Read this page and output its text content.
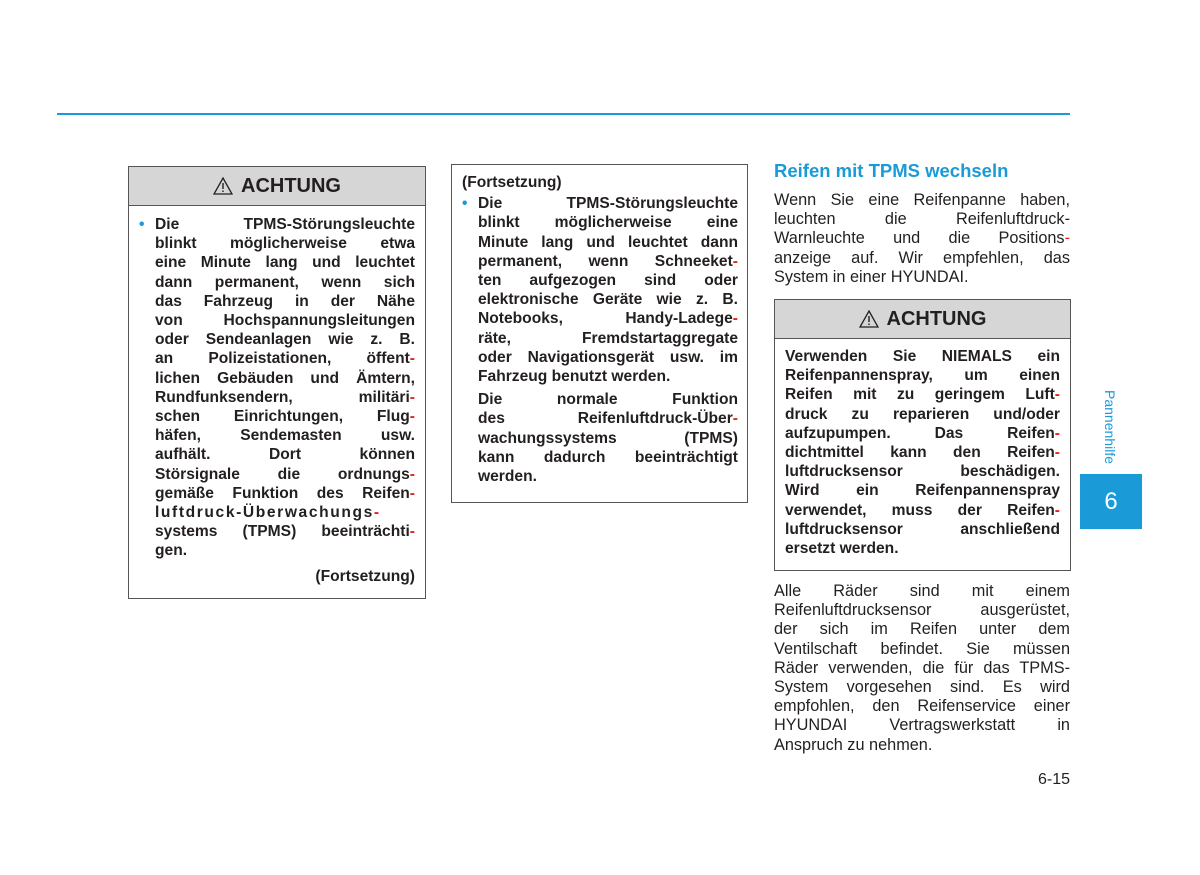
ACHTUNG
• Die TPMS-Störungsleuchte
blinkt möglicherweise etwa
eine Minute lang und leuchtet
dann permanent, wenn sich
das Fahrzeug in der Nähe
von Hochspannungsleitungen
oder Sendeanlagen wie z. B.
an Polizeistationen, öffent-
lichen Gebäuden und Ämtern,
Rundfunksendern, militäri-
schen Einrichtungen, Flug-
häfen, Sendemasten usw.
aufhält. Dort können
Störsignale die ordnungs-
gemäße Funktion des Reifen-
luftdruck-Überwachungs-
systems (TPMS) beeinträchti-
gen.
(Fortsetzung)
(Fortsetzung)
• Die TPMS-Störungsleuchte
blinkt möglicherweise eine
Minute lang und leuchtet dann
permanent, wenn Schneeket-
ten aufgezogen sind oder
elektronische Geräte wie z. B.
Notebooks, Handy-Ladege-
räte, Fremdstartaggregate
oder Navigationsgerät usw. im
Fahrzeug benutzt werden.
Die normale Funktion
des Reifenluftdruck-Über-
wachungssystems (TPMS)
kann dadurch beeinträchtigt
werden.
Reifen mit TPMS wechseln
Wenn Sie eine Reifenpanne haben,
leuchten die Reifenluftdruck-
Warnleuchte und die Positions-
anzeige auf. Wir empfehlen, das
System in einer HYUNDAI.
ACHTUNG
Verwenden Sie NIEMALS ein
Reifenpannenspray, um einen
Reifen mit zu geringem Luft-
druck zu reparieren und/oder
aufzupumpen. Das Reifen-
dichtmittel kann den Reifen-
luftdrucksensor beschädigen.
Wird ein Reifenpannenspray
verwendet, muss der Reifen-
luftdrucksensor anschließend
ersetzt werden.
Alle Räder sind mit einem
Reifenluftdrucksensor ausgerüstet,
der sich im Reifen unter dem
Ventilschaft befindet. Sie müssen
Räder verwenden, die für das TPMS-
System vorgesehen sind. Es wird
empfohlen, den Reifenservice einer
HYUNDAI Vertragswerkstatt in
Anspruch zu nehmen.
Pannenhilfe
6
6-15
